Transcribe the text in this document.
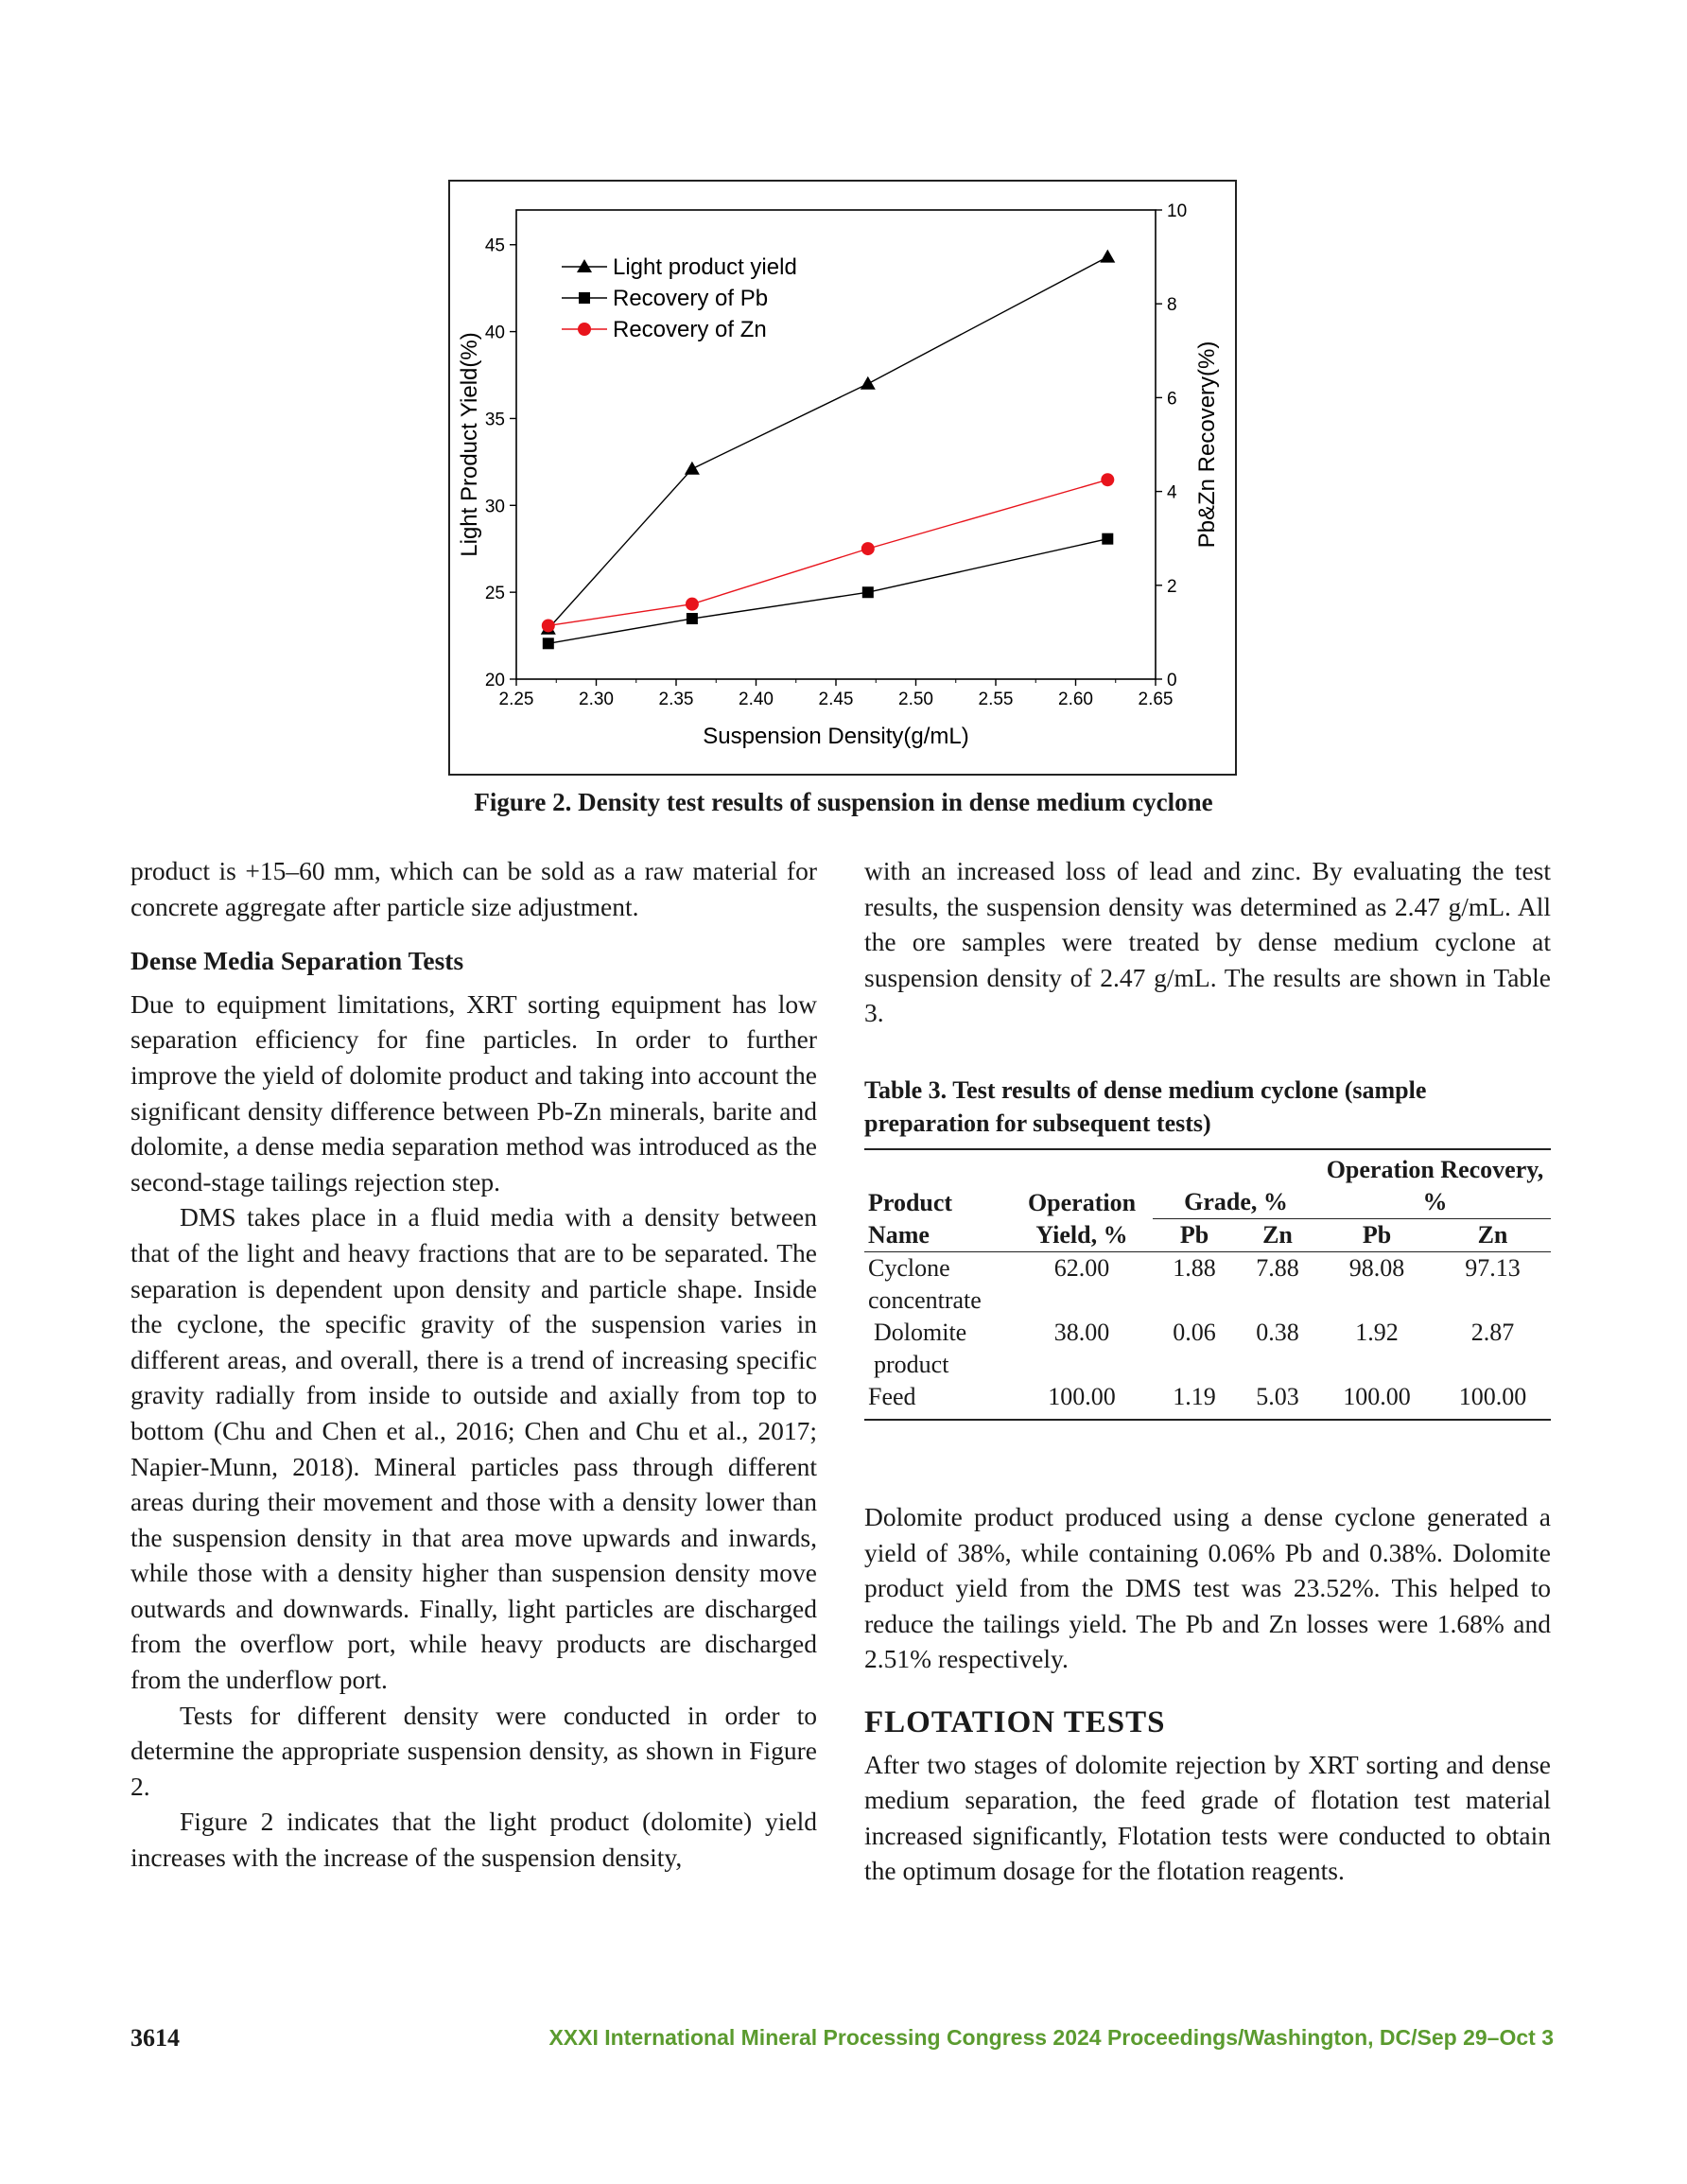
2.25	2.30	2.35	2.40	2.45	2.50	2.55	2.60	2.65
20
25
30
35
40
45
0
2
4
6
8
10
Suspension Density(g/mL)
Light Product Yield(%)	Pb&Zn Recovery(%)
Light product yield
Recovery of Pb
Recovery of Zn
Figure 2. Density test results of suspension in dense medium cyclone

product is +15–60 mm, which can be sold as a raw material for concrete aggregate after particle size adjustment.

Dense Media Separation Tests

Due to equipment limitations, XRT sorting equipment has low separation efficiency for fine particles. In order to further improve the yield of dolomite product and taking into account the significant density difference between Pb-Zn minerals, barite and dolomite, a dense media separation method was introduced as the second-stage tailings rejection step.

DMS takes place in a fluid media with a density between that of the light and heavy fractions that are to be separated. The separation is dependent upon density and particle shape. Inside the cyclone, the specific gravity of the suspension varies in different areas, and overall, there is a trend of increasing specific gravity radially from inside to outside and axially from top to bottom (Chu and Chen et al., 2016; Chen and Chu et al., 2017; Napier-Munn, 2018). Mineral particles pass through different areas during their movement and those with a density lower than the suspension density in that area move upwards and inwards, while those with a density higher than suspension density move outwards and downwards. Finally, light particles are discharged from the overflow port, while heavy products are discharged from the underflow port.

Tests for different density were conducted in order to determine the appropriate suspension density, as shown in Figure 2.

Figure 2 indicates that the light product (dolomite) yield increases with the increase of the suspension density,

with an increased loss of lead and zinc. By evaluating the test results, the suspension density was determined as 2.47 g/mL. All the ore samples were treated by dense medium cyclone at suspension density of 2.47 g/mL. The results are shown in Table 3.

Table 3. Test results of dense medium cyclone (sample preparation for subsequent tests)
Product Name	Operation Yield, %	Grade, %		Operation Recovery, %	
		Pb	Zn	Pb	Zn
Cyclone concentrate	62.00	1.88	7.88	98.08	97.13
Dolomite product	38.00	0.06	0.38	1.92	2.87
Feed	100.00	1.19	5.03	100.00	100.00

Dolomite product produced using a dense cyclone generated a yield of 38%, while containing 0.06% Pb and 0.38%. Dolomite product yield from the DMS test was 23.52%. This helped to reduce the tailings yield. The Pb and Zn losses were 1.68% and 2.51% respectively.

FLOTATION TESTS

After two stages of dolomite rejection by XRT sorting and dense medium separation, the feed grade of flotation test material increased significantly, Flotation tests were conducted to obtain the optimum dosage for the flotation reagents.

3614	XXXI International Mineral Processing Congress 2024 Proceedings/Washington, DC/Sep 29–Oct 3
